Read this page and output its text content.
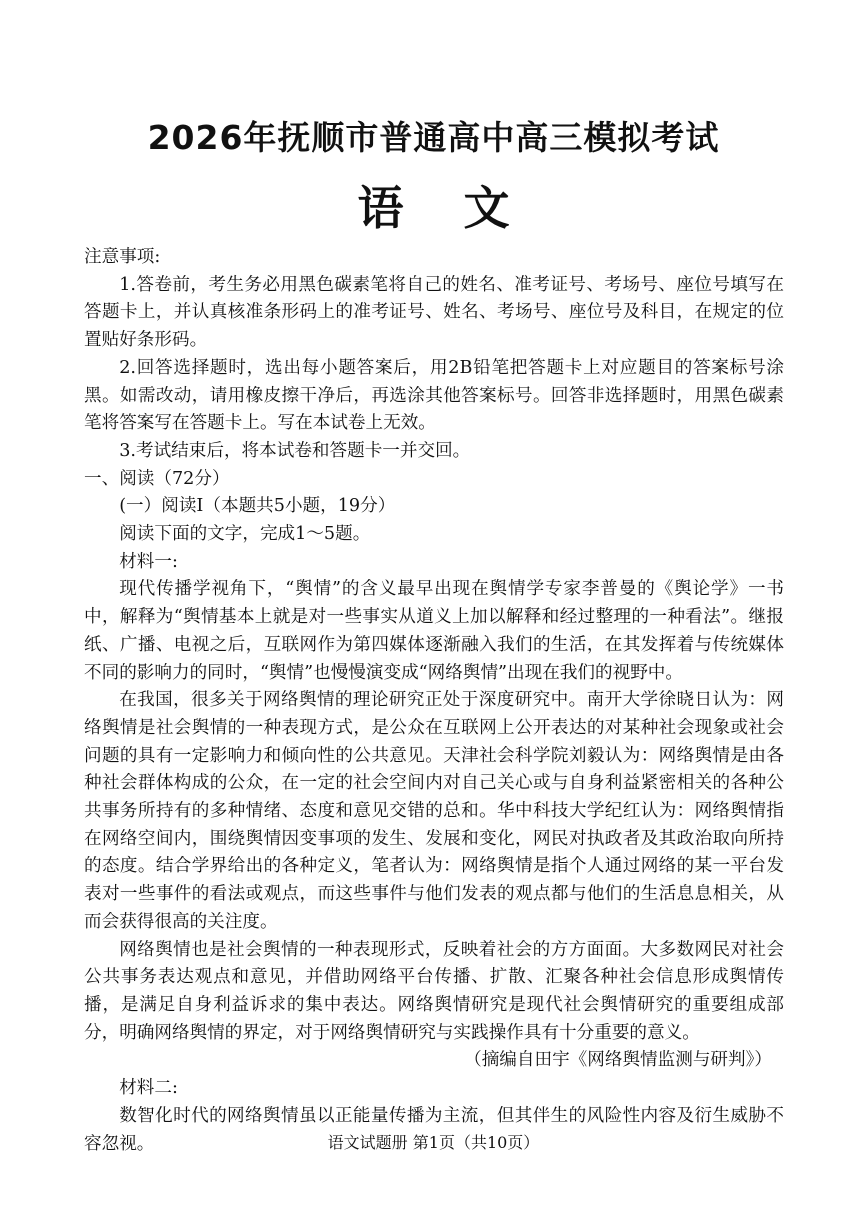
2026年抚顺市普通高中高三模拟考试
语文

注意事项:

1.答卷前，考生务必用黑色碳素笔将自己的姓名、准考证号、考场号、座位号填写在答题卡上，并认真核准条形码上的准考证号、姓名、考场号、座位号及科目，在规定的位置贴好条形码。

2.回答选择题时，选出每小题答案后，用2B铅笔把答题卡上对应题目的答案标号涂黑。如需改动，请用橡皮擦干净后，再选涂其他答案标号。回答非选择题时，用黑色碳素笔将答案写在答题卡上。写在本试卷上无效。

3.考试结束后，将本试卷和答题卡一并交回。

一、阅读（72分）

(一）阅读Ⅰ（本题共5小题，19分）

阅读下面的文字，完成1～5题。

材料一:

现代传播学视角下，“舆情”的含义最早出现在舆情学专家李普曼的《舆论学》一书中，解释为“舆情基本上就是对一些事实从道义上加以解释和经过整理的一种看法”。继报纸、广播、电视之后，互联网作为第四媒体逐渐融入我们的生活，在其发挥着与传统媒体不同的影响力的同时，“舆情”也慢慢演变成“网络舆情”出现在我们的视野中。

在我国，很多关于网络舆情的理论研究正处于深度研究中。南开大学徐晓日认为：网络舆情是社会舆情的一种表现方式，是公众在互联网上公开表达的对某种社会现象或社会问题的具有一定影响力和倾向性的公共意见。天津社会科学院刘毅认为：网络舆情是由各种社会群体构成的公众，在一定的社会空间内对自己关心或与自身利益紧密相关的各种公共事务所持有的多种情绪、态度和意见交错的总和。华中科技大学纪红认为：网络舆情指在网络空间内，围绕舆情因变事项的发生、发展和变化，网民对执政者及其政治取向所持的态度。结合学界给出的各种定义，笔者认为：网络舆情是指个人通过网络的某一平台发表对一些事件的看法或观点，而这些事件与他们发表的观点都与他们的生活息息相关，从而会获得很高的关注度。

网络舆情也是社会舆情的一种表现形式，反映着社会的方方面面。大多数网民对社会公共事务表达观点和意见，并借助网络平台传播、扩散、汇聚各种社会信息形成舆情传播，是满足自身利益诉求的集中表达。网络舆情研究是现代社会舆情研究的重要组成部分，明确网络舆情的界定，对于网络舆情研究与实践操作具有十分重要的意义。

（摘编自田宇《网络舆情监测与研判》）

材料二:

数智化时代的网络舆情虽以正能量传播为主流，但其伴生的风险性内容及衍生威胁不容忽视。	语文试题册 第1页（共10页）
